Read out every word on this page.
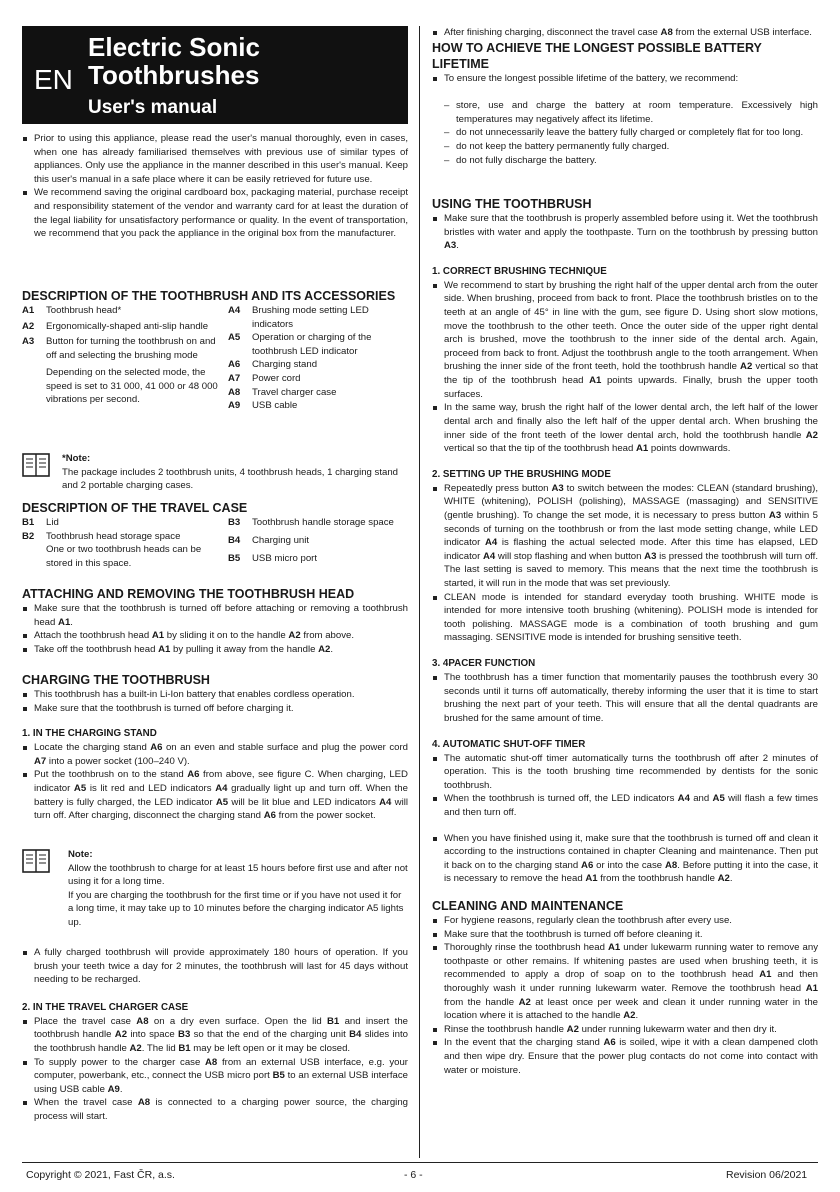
EN
Electric Sonic
Toothbrushes
User's manual
Prior to using this appliance, please read the user's manual thoroughly, even in cases, when one has already familiarised themselves with previous use of similar types of appliances. Only use the appliance in the manner described in this user's manual. Keep this user's manual in a safe place where it can be easily retrieved for future use.
We recommend saving the original cardboard box, packaging material, purchase receipt and responsibility statement of the vendor and warranty card for at least the duration of the legal liability for unsatisfactory performance or quality. In the event of transportation, we recommend that you pack the appliance in the original box from the manufacturer.
DESCRIPTION OF THE TOOTHBRUSH AND ITS ACCESSORIES
A1	Toothbrush head*
A2	Ergonomically-shaped anti-slip handle
A3	Button for turning the toothbrush on and off and selecting the brushing mode
	Depending on the selected mode, the speed is set to 31 000, 41 000 or 48 000 vibrations per second.
A4	Brushing mode setting LED indicators
A5	Operation or charging of the toothbrush LED indicator
A6	Charging stand
A7	Power cord
A8	Travel charger case
A9	USB cable
*Note:
The package includes 2 toothbrush units, 4 toothbrush heads, 1 charging stand and 2 portable charging cases.
DESCRIPTION OF THE TRAVEL CASE
B1	Lid
B2	Toothbrush head storage space
	One or two toothbrush heads can be stored in this space.
B3	Toothbrush handle storage space
B4	Charging unit
B5	USB micro port
ATTACHING AND REMOVING THE TOOTHBRUSH HEAD
Make sure that the toothbrush is turned off before attaching or removing a toothbrush head A1.
Attach the toothbrush head A1 by sliding it on to the handle A2 from above.
Take off the toothbrush head A1 by pulling it away from the handle A2.
CHARGING THE TOOTHBRUSH
This toothbrush has a built-in Li-Ion battery that enables cordless operation.
Make sure that the toothbrush is turned off before charging it.
1. IN THE CHARGING STAND
Locate the charging stand A6 on an even and stable surface and plug the power cord A7 into a power socket (100–240 V).
Put the toothbrush on to the stand A6 from above, see figure C. When charging, LED indicator A5 is lit red and LED indicators A4 gradually light up and turn off. When the battery is fully charged, the LED indicator A5 will be lit blue and LED indicators A4 will turn off. After charging, disconnect the charging stand A6 from the power socket.
Note:
Allow the toothbrush to charge for at least 15 hours before first use and after not using it for a long time.
If you are charging the toothbrush for the first time or if you have not used it for a long time, it may take up to 10 minutes before the charging indicator A5 lights up.
A fully charged toothbrush will provide approximately 180 hours of operation. If you brush your teeth twice a day for 2 minutes, the toothbrush will last for 45 days without needing to be recharged.
2. IN THE TRAVEL CHARGER CASE
Place the travel case A8 on a dry even surface. Open the lid B1 and insert the toothbrush handle A2 into space B3 so that the end of the charging unit B4 slides into the toothbrush handle A2. The lid B1 may be left open or it may be closed.
To supply power to the charger case A8 from an external USB interface, e.g. your computer, powerbank, etc., connect the USB micro port B5 to an external USB interface using USB cable A9.
When the travel case A8 is connected to a charging power source, the charging process will start.
After finishing charging, disconnect the travel case A8 from the external USB interface.
HOW TO ACHIEVE THE LONGEST POSSIBLE BATTERY LIFETIME
To ensure the longest possible lifetime of the battery, we recommend:
– store, use and charge the battery at room temperature. Excessively high temperatures may negatively affect its lifetime.
– do not unnecessarily leave the battery fully charged or completely flat for too long.
– do not keep the battery permanently fully charged.
– do not fully discharge the battery.
USING THE TOOTHBRUSH
Make sure that the toothbrush is properly assembled before using it. Wet the toothbrush bristles with water and apply the toothpaste. Turn on the toothbrush by pressing button A3.
1. CORRECT BRUSHING TECHNIQUE
We recommend to start by brushing the right half of the upper dental arch from the outer side. When brushing, proceed from back to front. Place the toothbrush bristles on to the teeth at an angle of 45° in line with the gum, see figure D. Using short slow motions, move the toothbrush to the other teeth. Once the outer side of the upper right dental arch is brushed, move the toothbrush to the inner side of the dental arch. Again, proceed from back to front. Adjust the toothbrush angle to the tooth arrangement. When brushing the inner side of the front teeth, hold the toothbrush handle A2 vertical so that the tip of the toothbrush head A1 points upwards. Finally, brush the upper tooth surfaces.
In the same way, brush the right half of the lower dental arch, the left half of the lower dental arch and finally also the left half of the upper dental arch. When brushing the inner side of the front teeth of the lower dental arch, hold the toothbrush handle A2 vertical so that the tip of the toothbrush head A1 points downwards.
2. SETTING UP THE BRUSHING MODE
Repeatedly press button A3 to switch between the modes: CLEAN (standard brushing), WHITE (whitening), POLISH (polishing), MASSAGE (massaging) and SENSITIVE (gentle brushing). To change the set mode, it is necessary to press button A3 within 5 seconds of turning on the toothbrush or from the last mode setting change, while LED indicator A4 is flashing the actual selected mode. After this time has elapsed, LED indicator A4 will stop flashing and when button A3 is pressed the toothbrush will turn off. The last setting is saved to memory. This means that the next time the toothbrush is started, it will run in the mode that was set previously.
CLEAN mode is intended for standard everyday tooth brushing. WHITE mode is intended for more intensive tooth brushing (whitening). POLISH mode is intended for tooth polishing. MASSAGE mode is a combination of tooth brushing and gum massaging. SENSITIVE mode is intended for brushing sensitive teeth.
3. 4PACER FUNCTION
The toothbrush has a timer function that momentarily pauses the toothbrush every 30 seconds until it turns off automatically, thereby informing the user that it is time to start brushing the next part of your teeth. This will ensure that all the dental quadrants are brushed for the same amount of time.
4. AUTOMATIC SHUT-OFF TIMER
The automatic shut-off timer automatically turns the toothbrush off after 2 minutes of operation. This is the tooth brushing time recommended by dentists for the sonic toothbrush.
When the toothbrush is turned off, the LED indicators A4 and A5 will flash a few times and then turn off.
When you have finished using it, make sure that the toothbrush is turned off and clean it according to the instructions contained in chapter Cleaning and maintenance. Then put it back on to the charging stand A6 or into the case A8. Before putting it into the case, it is necessary to remove the head A1 from the toothbrush handle A2.
CLEANING AND MAINTENANCE
For hygiene reasons, regularly clean the toothbrush after every use.
Make sure that the toothbrush is turned off before cleaning it.
Thoroughly rinse the toothbrush head A1 under lukewarm running water to remove any toothpaste or other remains. If whitening pastes are used when brushing teeth, it is recommended to apply a drop of soap on to the toothbrush head A1 and then thoroughly wash it under running lukewarm water. Remove the toothbrush head A1 from the handle A2 at least once per week and clean it under running water in the location where it is attached to the handle A2.
Rinse the toothbrush handle A2 under running lukewarm water and then dry it.
In the event that the charging stand A6 is soiled, wipe it with a clean dampened cloth and then wipe dry. Ensure that the power plug contacts do not come into contact with water or moisture.
Copyright © 2021, Fast ČR, a.s.	- 6 -	Revision 06/2021
